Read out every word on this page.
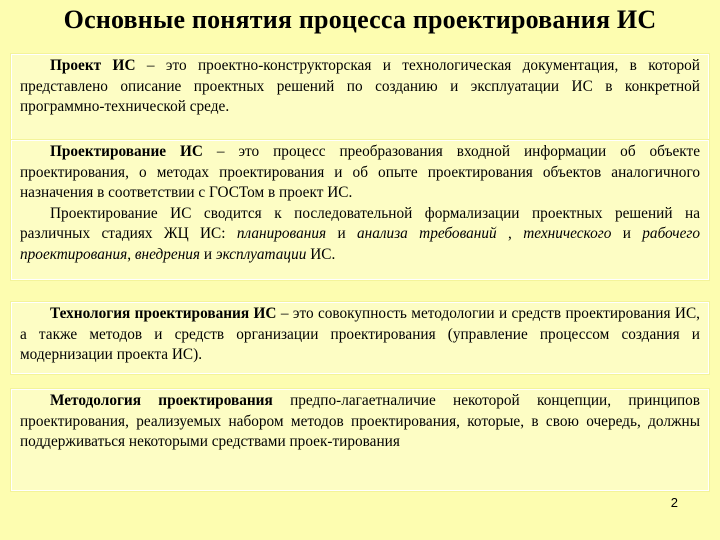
Основные понятия процесса проектирования ИС

Проект ИС – это проектно-конструкторская и технологическая документация, в которой представлено описание проектных решений по созданию и эксплуатации ИС в конкретной программно-технической среде.

Проектирование ИС – это процесс преобразования входной информации об объекте проектирования, о методах проектирования и об опыте проектирования объектов аналогичного назначения в соответствии с ГОСТом в проект ИС.

Проектирование ИС сводится к последовательной формализации проектных решений на различных стадиях ЖЦ ИС: планирования и анализа требований , технического и рабочего проектирования, внедрения и эксплуатации ИС.

Технология проектирования ИС – это совокупность методологии и средств проектирования ИС, а также методов и средств организации проектирования (управление процессом создания и модернизации проекта ИС).

Методология проектирования предпо-лагаетналичие некоторой концепции, принципов проектирования, реализуемых набором методов проектирования, которые, в свою очередь, должны поддерживаться некоторыми средствами проек-тирования

2
